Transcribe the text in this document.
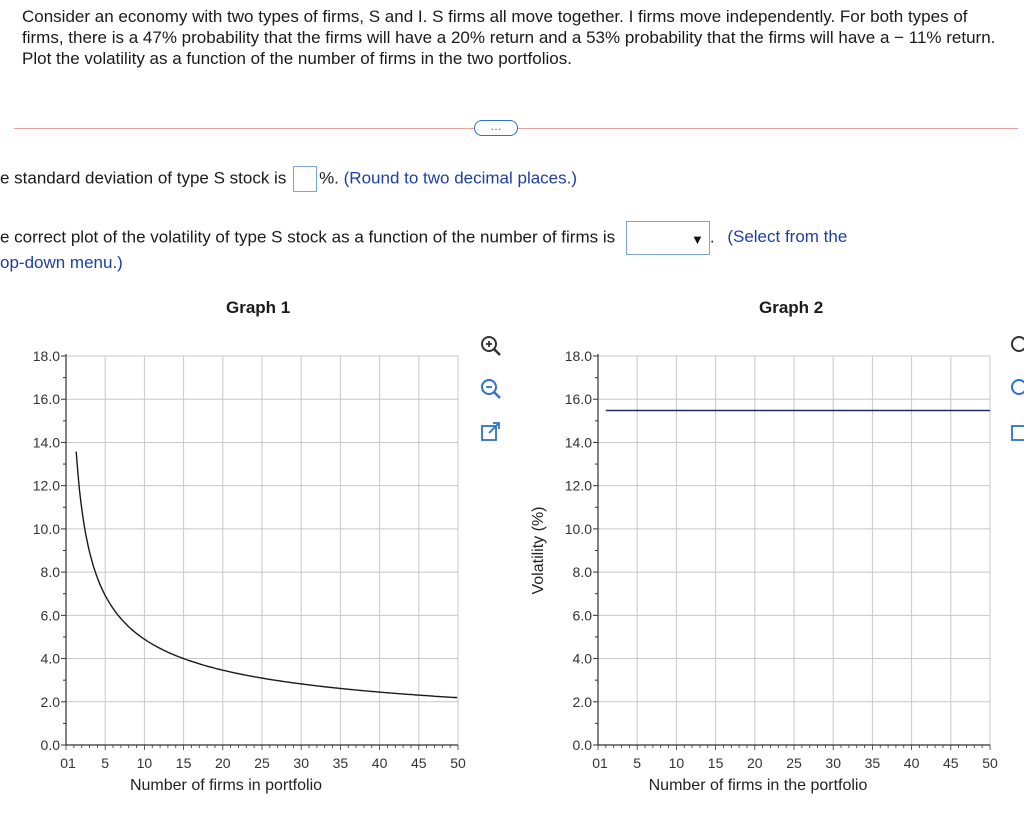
Consider an economy with two types of firms, S and I. S firms all move together. I firms move independently. For both types of firms, there is a 47% probability that the firms will have a 20% return and a 53% probability that the firms will have a − 11% return. Plot the volatility as a function of the number of firms in the two portfolios.
…
e standard deviation of type S stock is %. (Round to two decimal places.)
e correct plot of the volatility of type S stock as a function of the number of firms is	▼ . (Select from the
op-down menu.)
Graph 1	Graph 2
0.0
2.0
4.0
6.0
8.0
10.0
12.0
14.0
16.0
18.0
01 5 10 15 20 25 30 35 40 45 50
Number of firms in portfolio
0.0
2.0
4.0
6.0
8.0
10.0
12.0
14.0
16.0
18.0
01 5 10 15 20 25 30 35 40 45 50
Number of firms in the portfolio
Volatility (%)
